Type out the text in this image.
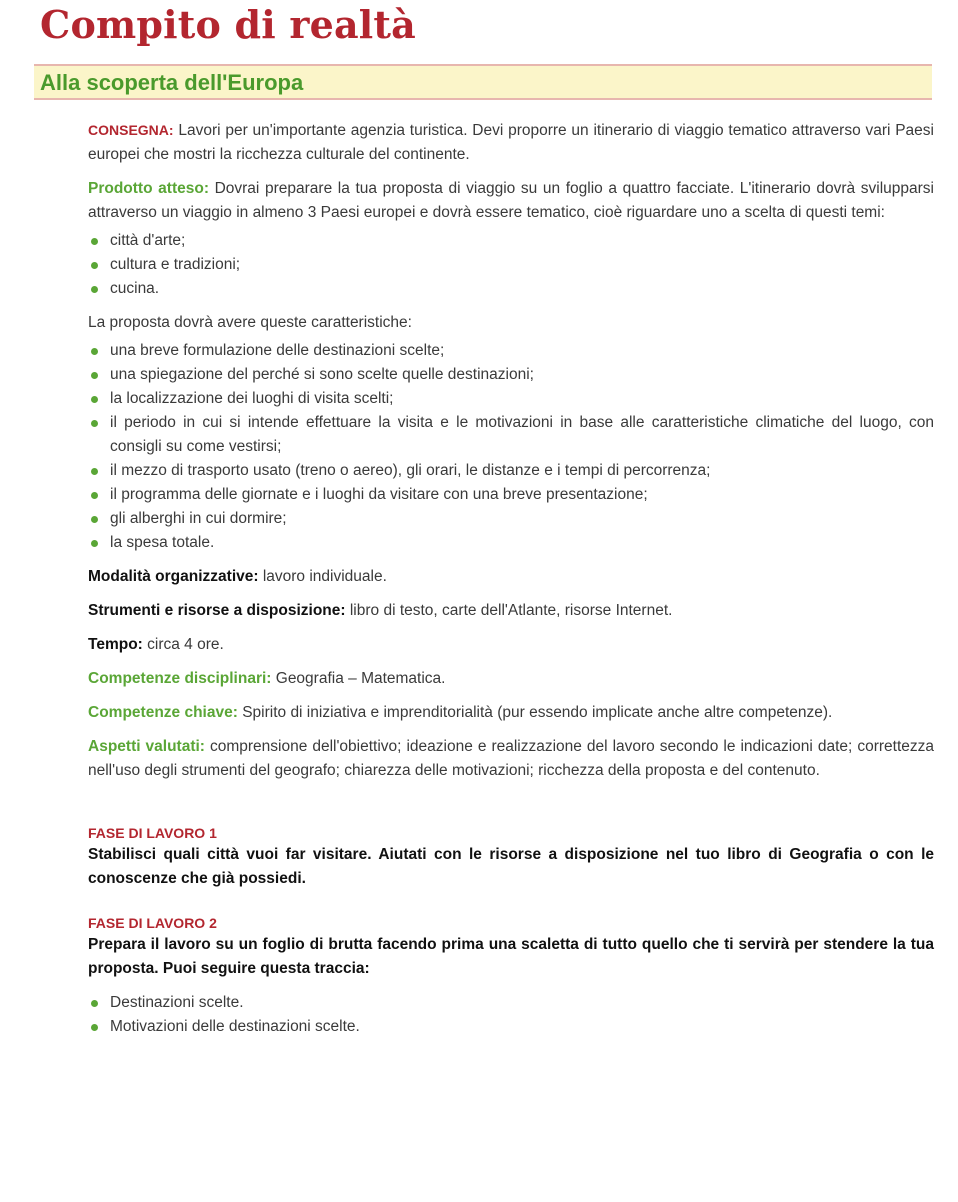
Compito di realtà
Alla scoperta dell'Europa

CONSEGNA: Lavori per un'importante agenzia turistica. Devi proporre un itinerario di viaggio tematico attraverso vari Paesi europei che mostri la ricchezza culturale del continente.

Prodotto atteso: Dovrai preparare la tua proposta di viaggio su un foglio a quattro facciate. L'itinerario dovrà svilupparsi attraverso un viaggio in almeno 3 Paesi europei e dovrà essere tematico, cioè riguardare uno a scelta di questi temi:

città d'arte;
cultura e tradizioni;
cucina.

La proposta dovrà avere queste caratteristiche:

una breve formulazione delle destinazioni scelte;
una spiegazione del perché si sono scelte quelle destinazioni;
la localizzazione dei luoghi di visita scelti;
il periodo in cui si intende effettuare la visita e le motivazioni in base alle caratteristiche climatiche del luogo, con consigli su come vestirsi;
il mezzo di trasporto usato (treno o aereo), gli orari, le distanze e i tempi di percorrenza;
il programma delle giornate e i luoghi da visitare con una breve presentazione;
gli alberghi in cui dormire;
la spesa totale.

Modalità organizzative: lavoro individuale.

Strumenti e risorse a disposizione: libro di testo, carte dell'Atlante, risorse Internet.

Tempo: circa 4 ore.

Competenze disciplinari: Geografia – Matematica.

Competenze chiave: Spirito di iniziativa e imprenditorialità (pur essendo implicate anche altre competenze).

Aspetti valutati: comprensione dell'obiettivo; ideazione e realizzazione del lavoro secondo le indicazioni date; correttezza nell'uso degli strumenti del geografo; chiarezza delle motivazioni; ricchezza della proposta e del contenuto.

FASE DI LAVORO 1

Stabilisci quali città vuoi far visitare. Aiutati con le risorse a disposizione nel tuo libro di Geografia o con le conoscenze che già possiedi.

FASE DI LAVORO 2

Prepara il lavoro su un foglio di brutta facendo prima una scaletta di tutto quello che ti servirà per stendere la tua proposta. Puoi seguire questa traccia:

Destinazioni scelte.
Motivazioni delle destinazioni scelte.
